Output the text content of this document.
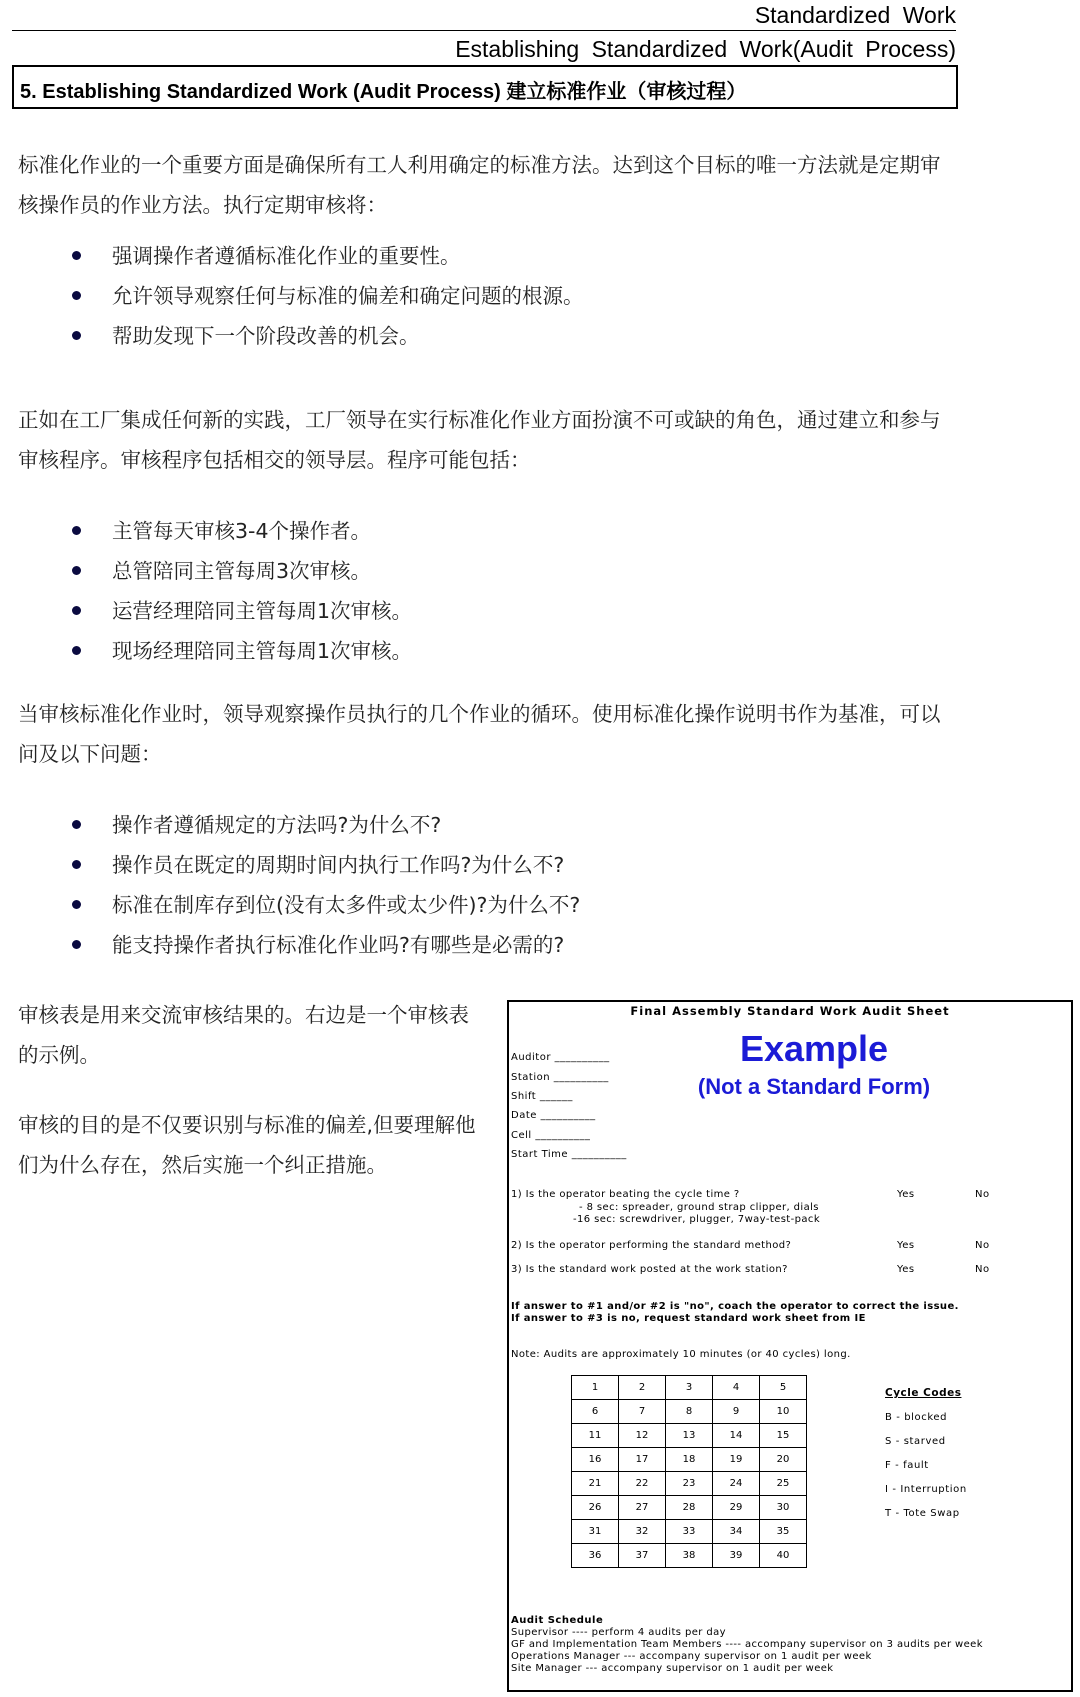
Standardized Work
Establishing Standardized Work(Audit Process)
5. Establishing Standardized Work (Audit Process) 建立标准作业（审核过程）
标准化作业的一个重要方面是确保所有工人利用确定的标准方法。达到这个目标的唯一方法就是定期审核操作员的作业方法。执行定期审核将：
强调操作者遵循标准化作业的重要性。
允许领导观察任何与标准的偏差和确定问题的根源。
帮助发现下一个阶段改善的机会。
正如在工厂集成任何新的实践，工厂领导在实行标准化作业方面扮演不可或缺的角色，通过建立和参与审核程序。审核程序包括相交的领导层。程序可能包括：
主管每天审核3-4个操作者。
总管陪同主管每周3次审核。
运营经理陪同主管每周1次审核。
现场经理陪同主管每周1次审核。
当审核标准化作业时，领导观察操作员执行的几个作业的循环。使用标准化操作说明书作为基准，可以问及以下问题：
操作者遵循规定的方法吗?为什么不?
操作员在既定的周期时间内执行工作吗?为什么不?
标准在制库存到位(没有太多件或太少件)?为什么不?
能支持操作者执行标准化作业吗?有哪些是必需的?
审核表是用来交流审核结果的。右边是一个审核表的示例。
审核的目的是不仅要识别与标准的偏差,但要理解他们为什么存在，然后实施一个纠正措施。
Final Assembly Standard Work Audit Sheet
Auditor __________
Station __________
Shift ______
Date __________
Cell __________
Start Time __________
Example
(Not a Standard Form)
1) Is the operator beating the cycle time ?	Yes	No
- 8 sec: spreader, ground strap clipper, dials
-16 sec: screwdriver, plugger, 7way-test-pack
2) Is the operator performing the standard method?	Yes	No
3) Is the standard work posted at the work station?	Yes	No
If answer to #1 and/or #2 is "no", coach the operator to correct the issue.
If answer to #3 is no, request standard work sheet from IE
Note: Audits are approximately 10 minutes (or 40 cycles) long.
1	2	3	4	5
6	7	8	9	10
11	12	13	14	15
16	17	18	19	20
21	22	23	24	25
26	27	28	29	30
31	32	33	34	35
36	37	38	39	40
Cycle Codes
B - blocked
S - starved
F - fault
I - Interruption
T - Tote Swap
Audit Schedule
Supervisor ---- perform 4 audits per day
GF and Implementation Team Members ---- accompany supervisor on 3 audits per week
Operations Manager --- accompany supervisor on 1 audit per week
Site Manager --- accompany supervisor on 1 audit per week
